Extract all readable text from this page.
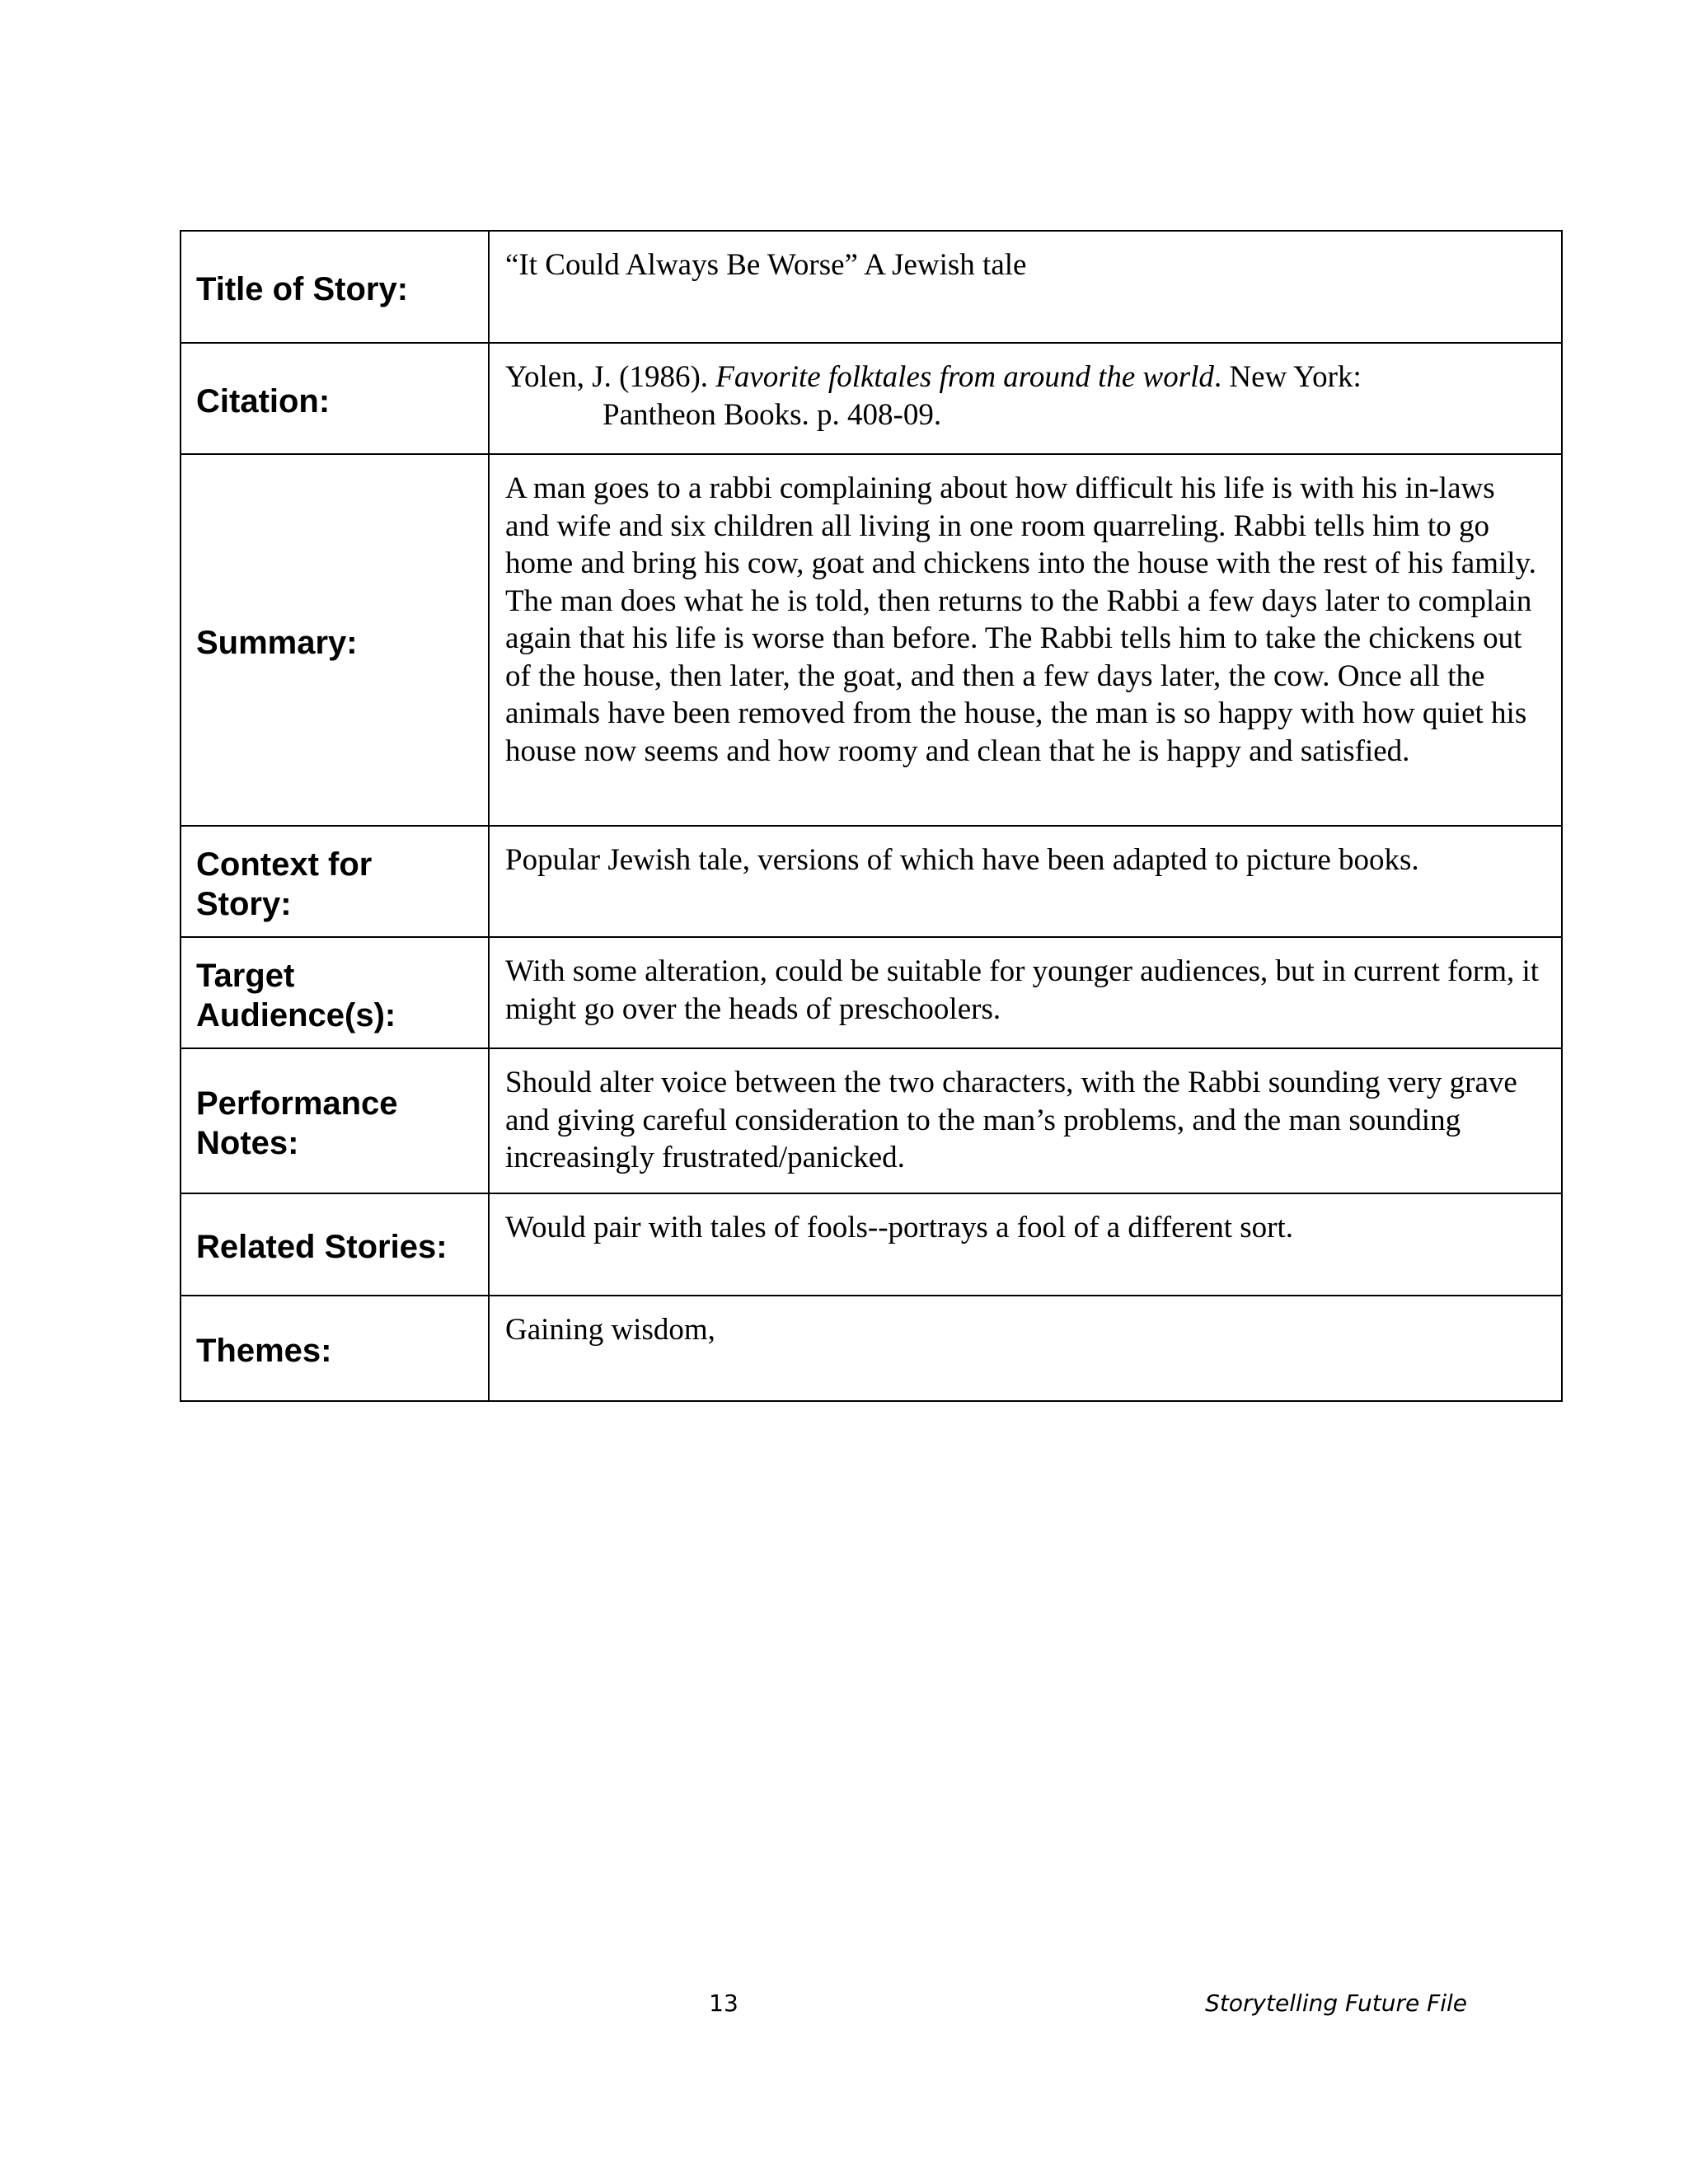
Title of Story:	“It Could Always Be Worse” A Jewish tale
Citation:	Yolen, J. (1986). Favorite folktales from around the world. New York:
Pantheon Books. p. 408-09.

Summary:	A man goes to a rabbi complaining about how difficult his life is with his in-laws and wife and six children all living in one room quarreling. Rabbi tells him to go home and bring his cow, goat and chickens into the house with the rest of his family. The man does what he is told, then returns to the Rabbi a few days later to complain again that his life is worse than before. The Rabbi tells him to take the chickens out of the house, then later, the goat, and then a few days later, the cow. Once all the animals have been removed from the house, the man is so happy with how quiet his house now seems and how roomy and clean that he is happy and satisfied.

Context for
Story:	Popular Jewish tale, versions of which have been adapted to picture books.

Target
Audience(s):	With some alteration, could be suitable for younger audiences, but in current form, it might go over the heads of preschoolers.

Performance
Notes:	Should alter voice between the two characters, with the Rabbi sounding very grave and giving careful consideration to the man’s problems, and the man sounding increasingly frustrated/panicked.
Related Stories:	Would pair with tales of fools--portrays a fool of a different sort.
Themes:	Gaining wisdom,
13	Storytelling Future File
